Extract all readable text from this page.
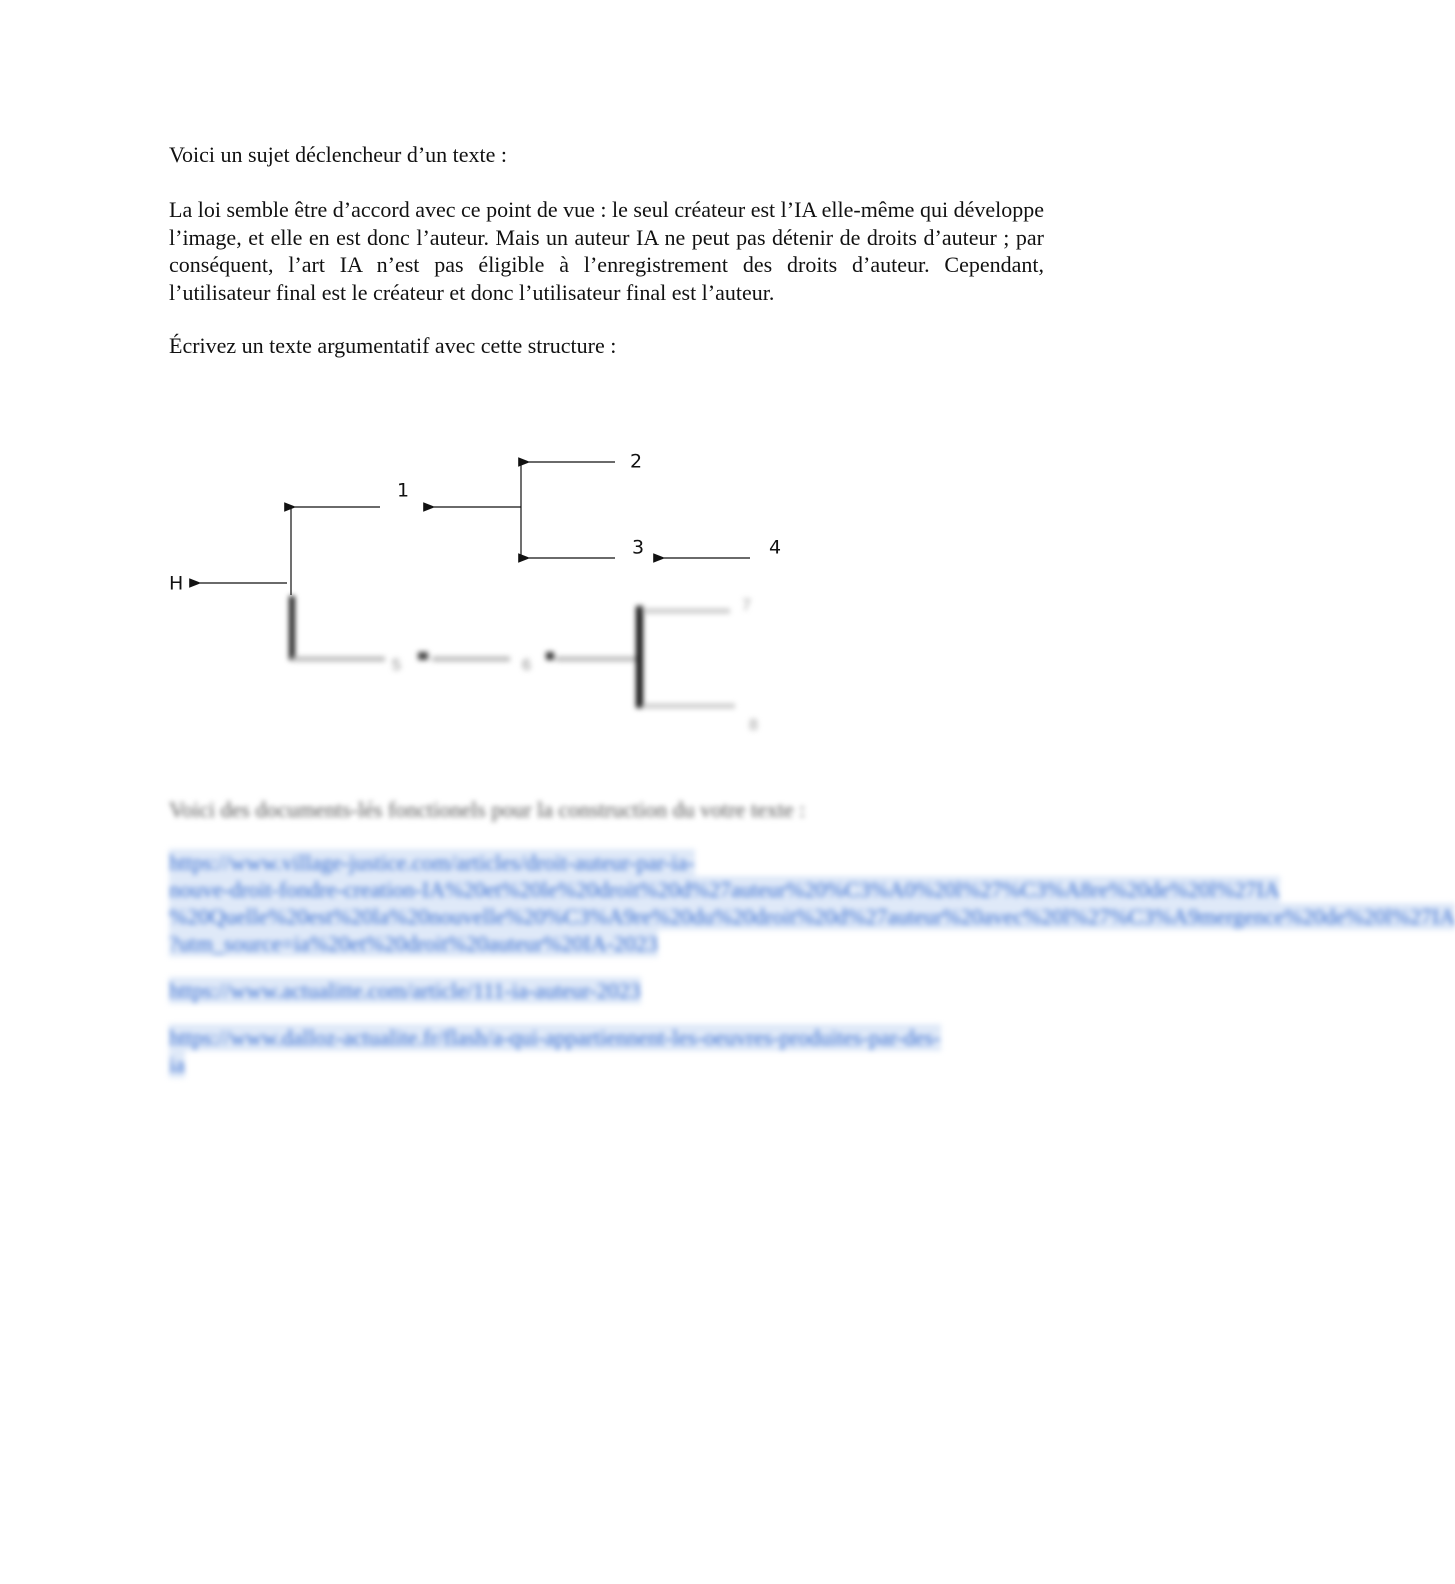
Voici un sujet déclencheur d’un texte :

La loi semble être d’accord avec ce point de vue : le seul créateur est l’IA elle-même qui développe l’image, et elle en est donc l’auteur. Mais un auteur IA ne peut pas détenir de droits d’auteur ; par conséquent, l’art IA n’est pas éligible à l’enregistrement des droits d’auteur. Cependant, l’utilisateur final est le créateur et donc l’utilisateur final est l’auteur.

Écrivez un texte argumentatif avec cette structure :

H
1
2
3	4
5	6
7
8
Voici des documents-lés fonctionels pour la construction du votre texte :
https://www.village-justice.com/articles/droit-auteur-par-ia-
nouve-droit-fondre-creation-IA%20et%20le%20droit%20d%27auteur%20%C3%A0%20l%27%C3%A8re%20de%20l%27IA
%20Quelle%20est%20la%20nouvelle%20%C3%A9re%20du%20droit%20d%27auteur%20avec%20l%27%C3%A9mergence%20de%20l%27IA
?utm_source=ia%20et%20droit%20auteur%20IA-2023
https://www.actualitte.com/article/111-ia-auteur-2023
https://www.dalloz-actualite.fr/flash/a-qui-appartiennent-les-oeuvres-produites-par-des-
ia
